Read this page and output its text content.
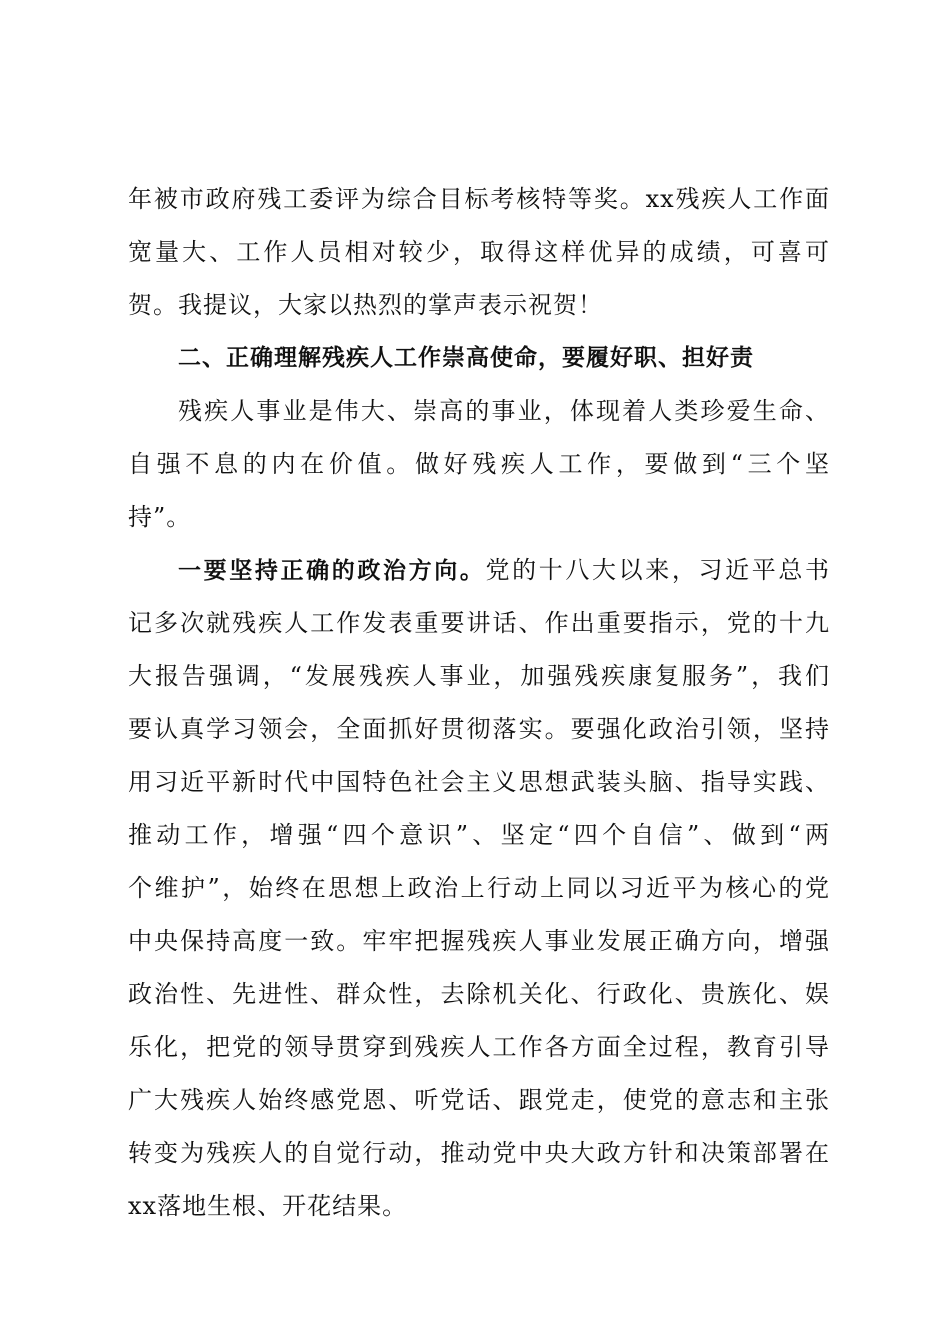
年被市政府残工委评为综合目标考核特等奖。xx残疾人工作面
宽量大、工作人员相对较少，取得这样优异的成绩，可喜可
贺。我提议，大家以热烈的掌声表示祝贺！
二、正确理解残疾人工作崇高使命，要履好职、担好责
残疾人事业是伟大、崇高的事业，体现着人类珍爱生命、
自强不息的内在价值。做好残疾人工作，要做到“三个坚
持”。
一要坚持正确的政治方向。党的十八大以来，习近平总书
记多次就残疾人工作发表重要讲话、作出重要指示，党的十九
大报告强调，“发展残疾人事业，加强残疾康复服务”，我们
要认真学习领会，全面抓好贯彻落实。要强化政治引领，坚持
用习近平新时代中国特色社会主义思想武装头脑、指导实践、
推动工作，增强“四个意识”、坚定“四个自信”、做到“两
个维护”，始终在思想上政治上行动上同以习近平为核心的党
中央保持高度一致。牢牢把握残疾人事业发展正确方向，增强
政治性、先进性、群众性，去除机关化、行政化、贵族化、娱
乐化，把党的领导贯穿到残疾人工作各方面全过程，教育引导
广大残疾人始终感党恩、听党话、跟党走，使党的意志和主张
转变为残疾人的自觉行动，推动党中央大政方针和决策部署在
xx落地生根、开花结果。
